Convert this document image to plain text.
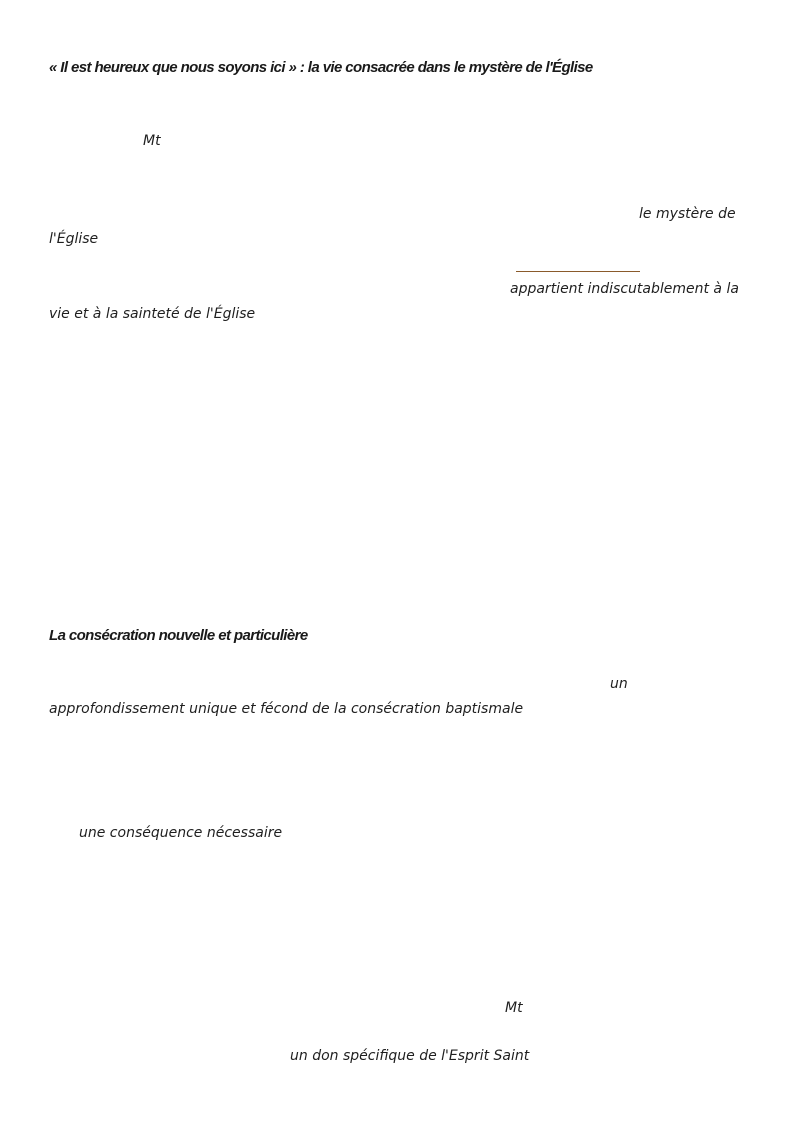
« Il est heureux que nous soyons ici » : la vie consacrée dans le mystère de l'Église
Mt
le mystère de
l'Église
appartient indiscutablement à la
vie et à la sainteté de l'Église
La consécration nouvelle et particulière
un
approfondissement unique et fécond de la consécration baptismale
une conséquence nécessaire
Mt
un don spécifique de l'Esprit Saint
